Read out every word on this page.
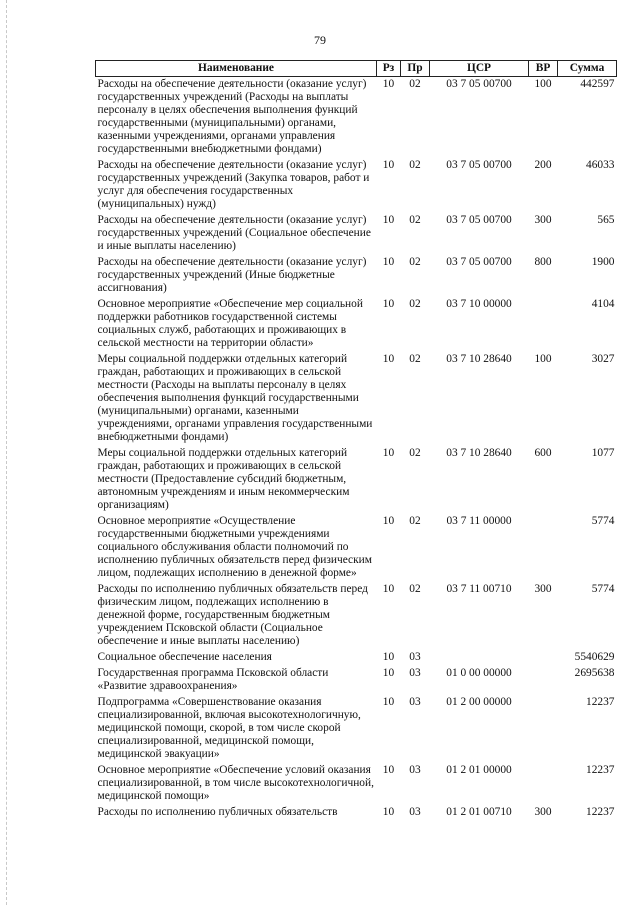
79
Наименование	Рз	Пр	ЦСР	ВР	Сумма
Расходы на обеспечение деятельности (оказание услуг) государственных учреждений (Расходы на выплаты персоналу в целях обеспечения выполнения функций государственными (муниципальными) органами, казенными учреждениями, органами управления государственными внебюджетными фондами)	10	02	03 7 05 00700	100	442597
Расходы на обеспечение деятельности (оказание услуг) государственных учреждений (Закупка товаров, работ и услуг для обеспечения государственных (муниципальных) нужд)	10	02	03 7 05 00700	200	46033
Расходы на обеспечение деятельности (оказание услуг) государственных учреждений (Социальное обеспечение и иные выплаты населению)	10	02	03 7 05 00700	300	565
Расходы на обеспечение деятельности (оказание услуг) государственных учреждений (Иные бюджетные ассигнования)	10	02	03 7 05 00700	800	1900
Основное мероприятие «Обеспечение мер социальной поддержки работников государственной системы социальных служб, работающих и проживающих в сельской местности на территории области»	10	02	03 7 10 00000		4104
Меры социальной поддержки отдельных категорий граждан, работающих и проживающих в сельской местности (Расходы на выплаты персоналу в целях обеспечения выполнения функций государственными (муниципальными) органами, казенными учреждениями, органами управления государственными внебюджетными фондами)	10	02	03 7 10 28640	100	3027
Меры социальной поддержки отдельных категорий граждан, работающих и проживающих в сельской местности (Предоставление субсидий бюджетным, автономным учреждениям и иным некоммерческим организациям)	10	02	03 7 10 28640	600	1077
Основное мероприятие «Осуществление государственными бюджетными учреждениями социального обслуживания области полномочий по исполнению публичных обязательств перед физическим лицом, подлежащих исполнению в денежной форме»	10	02	03 7 11 00000		5774
Расходы по исполнению публичных обязательств перед физическим лицом, подлежащих исполнению в денежной форме, государственным бюджетным учреждением Псковской области (Социальное обеспечение и иные выплаты населению)	10	02	03 7 11 00710	300	5774
Социальное обеспечение населения	10	03			5540629
Государственная программа Псковской области «Развитие здравоохранения»	10	03	01 0 00 00000		2695638
Подпрограмма «Совершенствование оказания специализированной, включая высокотехнологичную, медицинской помощи, скорой, в том числе скорой специализированной, медицинской помощи, медицинской эвакуации»	10	03	01 2 00 00000		12237
Основное мероприятие «Обеспечение условий оказания специализированной, в том числе высокотехнологичной, медицинской помощи»	10	03	01 2 01 00000		12237
Расходы по исполнению публичных обязательств	10	03	01 2 01 00710	300	12237
